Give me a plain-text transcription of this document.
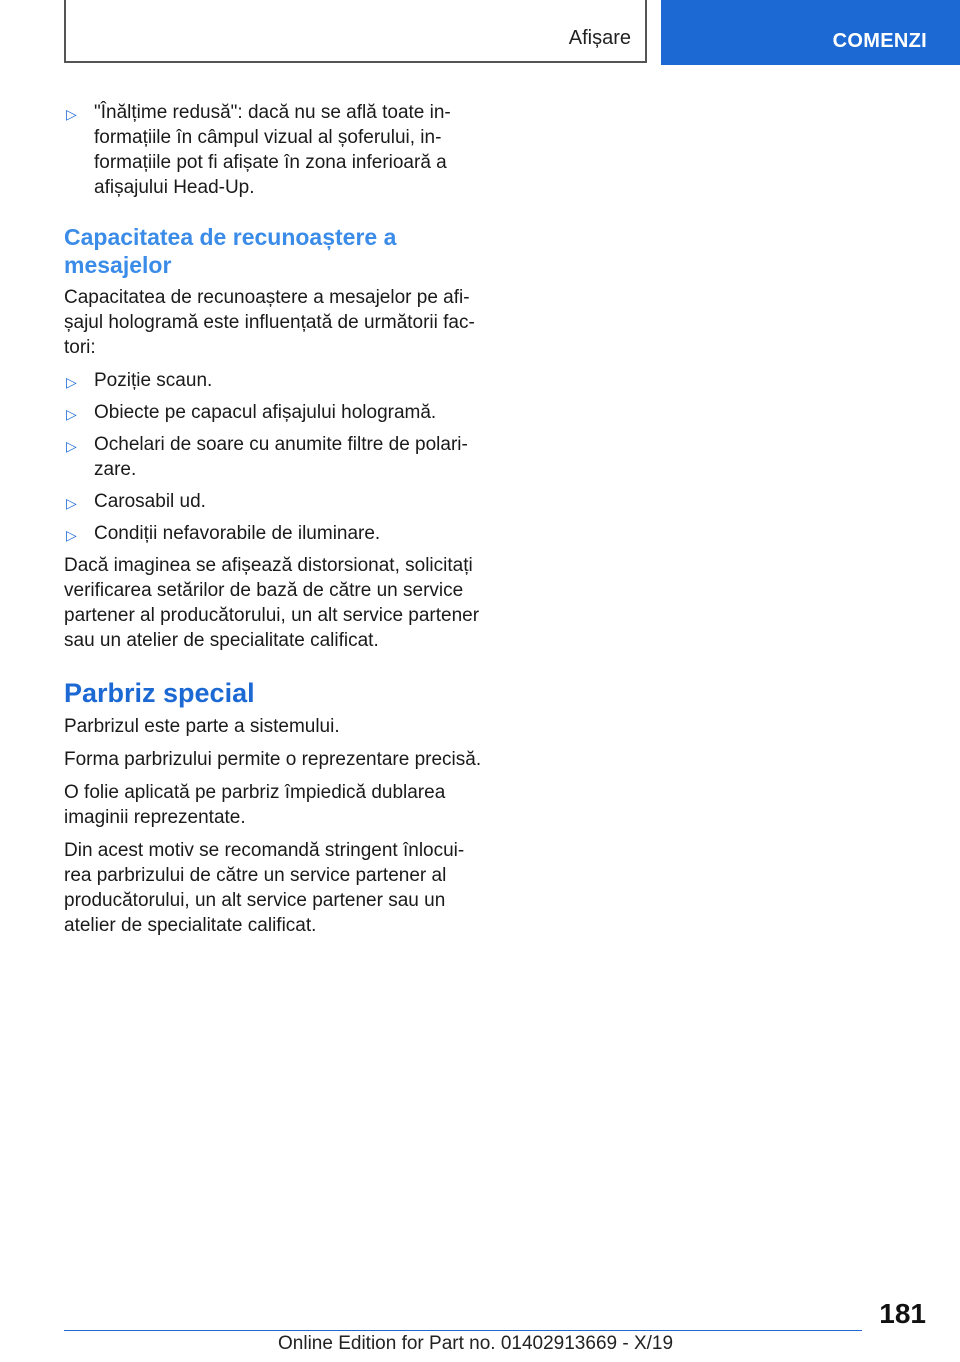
Afișare	COMENZI
▷ "Înălțime redusă": dacă nu se află toate in-formațiile în câmpul vizual al șoferului, in-formațiile pot fi afișate în zona inferioară a afișajului Head-Up.
Capacitatea de recunoaștere a mesajelor

Capacitatea de recunoaștere a mesajelor pe afi-șajul hologramă este influențată de următorii fac-tori:

▷ Poziție scaun.
▷ Obiecte pe capacul afișajului hologramă.
▷ Ochelari de soare cu anumite filtre de polari-zare.
▷ Carosabil ud.
▷ Condiții nefavorabile de iluminare.

Dacă imaginea se afișează distorsionat, solicitați verificarea setărilor de bază de către un service partener al producătorului, un alt service partener sau un atelier de specialitate calificat.

Parbriz special

Parbrizul este parte a sistemului.

Forma parbrizului permite o reprezentare precisă.

O folie aplicată pe parbriz împiedică dublarea imaginii reprezentate.

Din acest motiv se recomandă stringent înlocui-rea parbrizului de către un service partener al producătorului, un alt service partener sau un atelier de specialitate calificat.

181
Online Edition for Part no. 01402913669 - X/19
